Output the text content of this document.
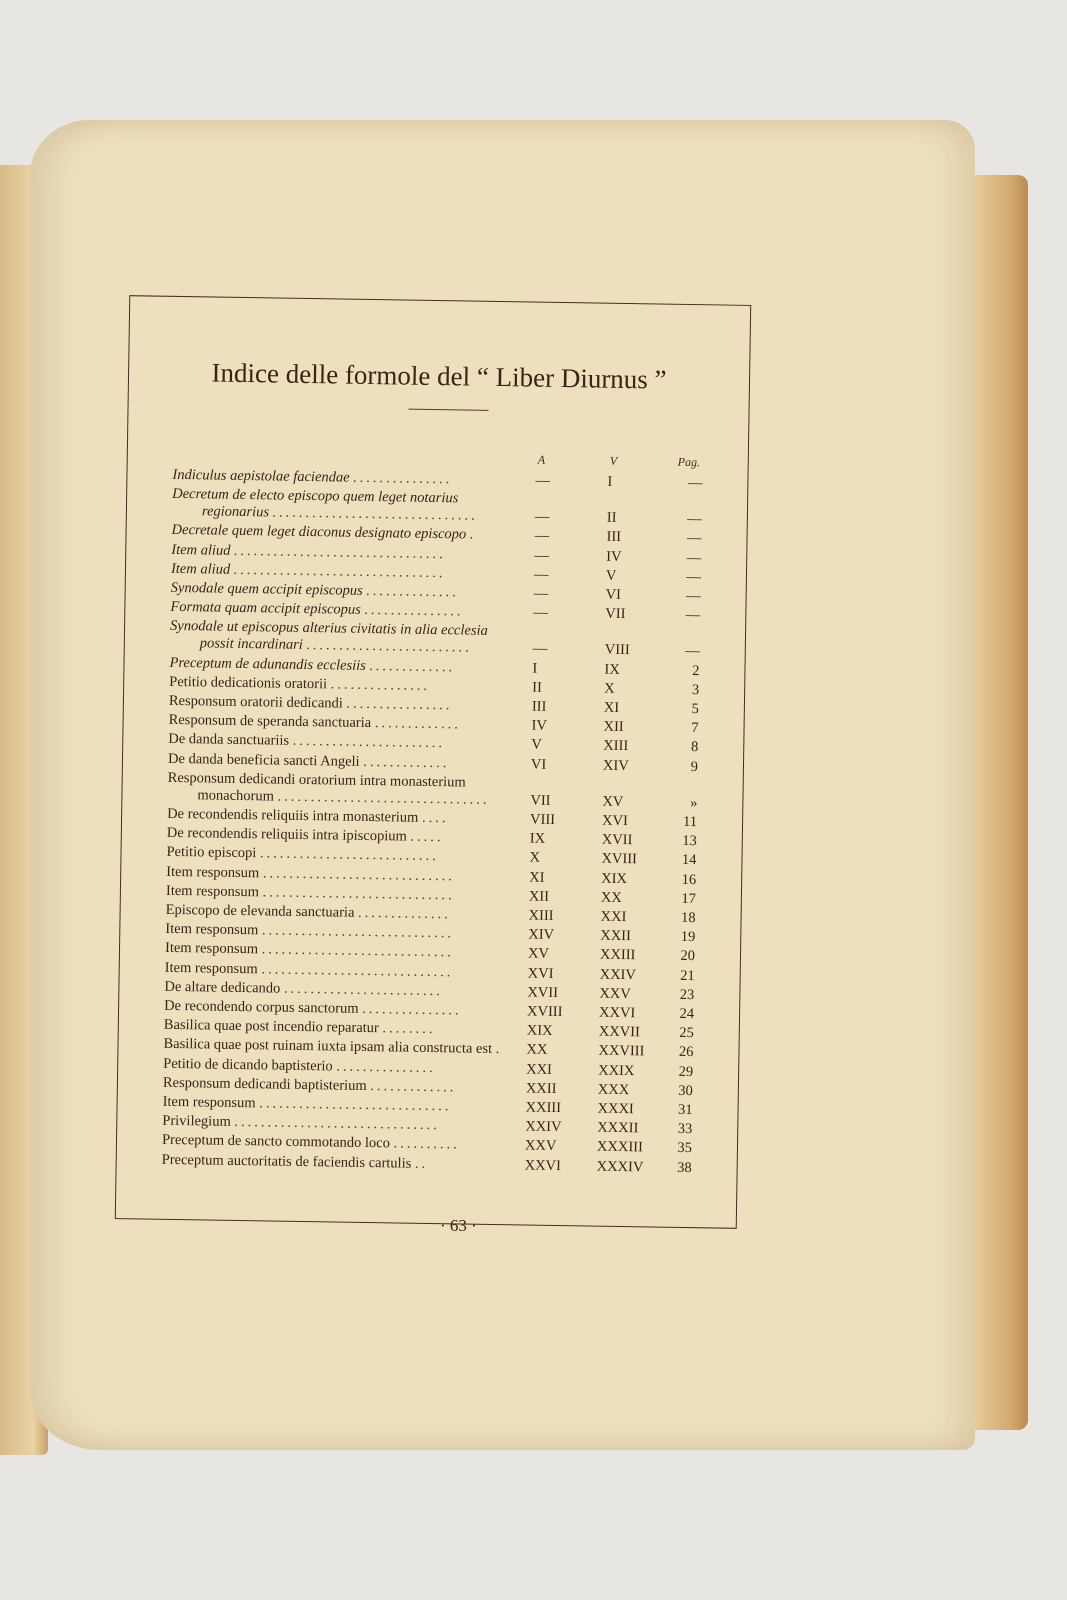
Indice delle formole del “ Liber Diurnus ”
A	V	Pag.
Indiculus aepistolae faciendae ...............	—	I	—
Decretum de electo episcopo quem leget notarius
regionarius ...............................	—	II	—
Decretale quem leget diaconus designato episcopo .	—	III	—
Item aliud ................................	—	IV	—
Item aliud ................................	—	V	—
Synodale quem accipit episcopus ..............	—	VI	—
Formata quam accipit episcopus ...............	—	VII	—
Synodale ut episcopus alterius civitatis in alia ecclesia
possit incardinari .........................	—	VIII	—
Preceptum de adunandis ecclesiis .............	I	IX	2
Petitio dedicationis oratorii ...............	II	X	3
Responsum oratorii dedicandi ................	III	XI	5
Responsum de speranda sanctuaria .............	IV	XII	7
De danda sanctuariis .......................	V	XIII	8
De danda beneficia sancti Angeli .............	VI	XIV	9
Responsum dedicandi oratorium intra monasterium
monachorum ................................	VII	XV	»
De recondendis reliquiis intra monasterium ....	VIII	XVI	11
De recondendis reliquiis intra ipiscopium .....	IX	XVII	13
Petitio episcopi ...........................	X	XVIII	14
Item responsum .............................	XI	XIX	16
Item responsum .............................	XII	XX	17
Episcopo de elevanda sanctuaria ..............	XIII	XXI	18
Item responsum .............................	XIV	XXII	19
Item responsum .............................	XV	XXIII	20
Item responsum .............................	XVI	XXIV	21
De altare dedicando ........................	XVII	XXV	23
De recondendo corpus sanctorum ...............	XVIII	XXVI	24
Basilica quae post incendio reparatur ........	XIX	XXVII	25
Basilica quae post ruinam iuxta ipsam alia constructa est .	XX	XXVIII	26
Petitio de dicando baptisterio ...............	XXI	XXIX	29
Responsum dedicandi baptisterium .............	XXII	XXX	30
Item responsum .............................	XXIII	XXXI	31
Privilegium ...............................	XXIV	XXXII	33
Preceptum de sancto commotando loco ..........	XXV	XXXIII	35
Preceptum auctoritatis de faciendis cartulis ..	XXVI	XXXIV	38
· 63 ·
